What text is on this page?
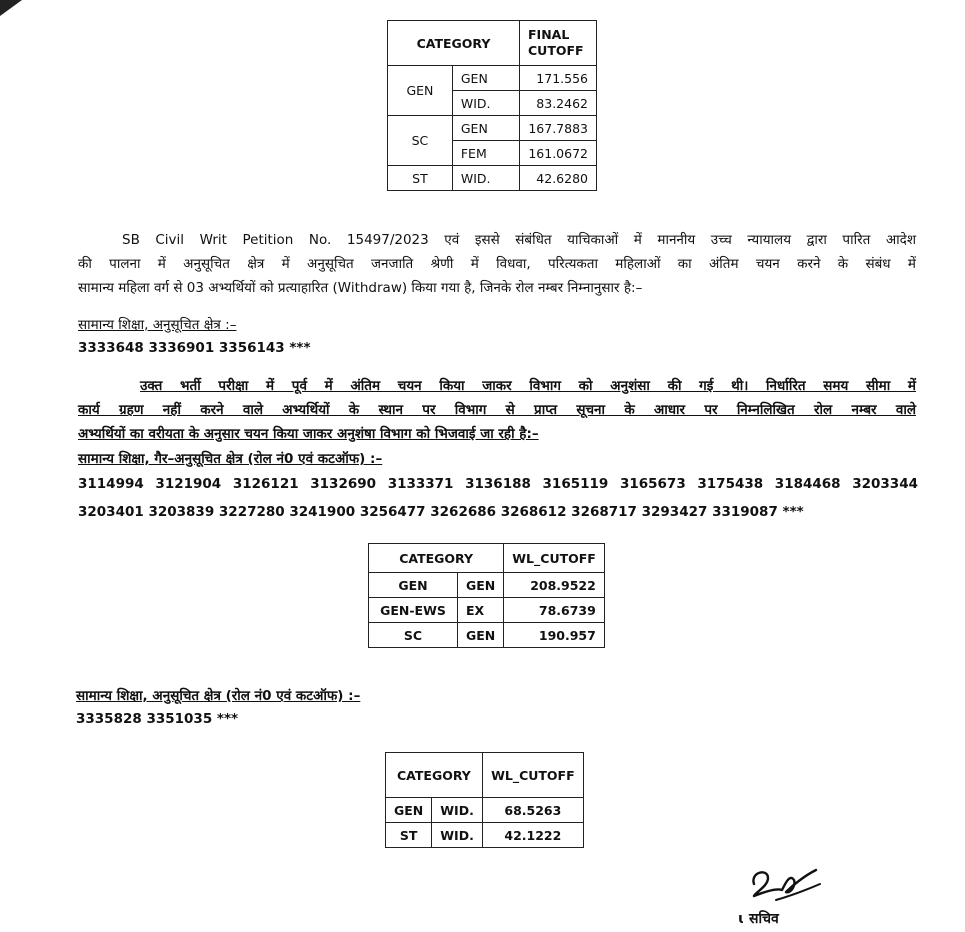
CATEGORY		FINAL
CUTOFF
GEN	GEN	171.556
	WID.	83.2462
SC	GEN	167.7883
	FEM	161.0672
ST	WID.	42.6280
SB Civil Writ Petition No. 15497/2023 एवं इससे संबंधित याचिकाओं में माननीय उच्च न्यायालय द्वारा पारित आदेश
की पालना में अनुसूचित क्षेत्र में अनुसूचित जनजाति श्रेणी में विधवा, परित्यकता महिलाओं का अंतिम चयन करने के संबंध में
सामान्य महिला वर्ग से 03 अभ्यर्थियों को प्रत्याहारित (Withdraw) किया गया है, जिनके रोल नम्बर निम्नानुसार है:–
सामान्य शिक्षा, अनुसूचित क्षेत्र :–
3333648 3336901 3356143 ***
उक्त भर्ती परीक्षा में पूर्व में अंतिम चयन किया जाकर विभाग को अनुशंसा की गई थी। निर्धारित समय सीमा में
कार्य ग्रहण नहीं करने वाले अभ्यर्थियों के स्थान पर विभाग से प्राप्त सूचना के आधार पर निम्नलिखित रोल नम्बर वाले
अभ्यर्थियों का वरीयता के अनुसार चयन किया जाकर अनुशंषा विभाग को भिजवाई जा रही है:–
सामान्य शिक्षा, गैर–अनुसूचित क्षेत्र (रोल नं0 एवं कटऑफ) :–
3114994 3121904 3126121 3132690 3133371 3136188 3165119 3165673 3175438 3184468 3203344
3203401 3203839 3227280 3241900 3256477 3262686 3268612 3268717 3293427 3319087 ***
CATEGORY		WL_CUTOFF
GEN	GEN	208.9522
GEN-EWS	EX	78.6739
SC	GEN	190.957
सामान्य शिक्षा, अनुसूचित क्षेत्र (रोल नं0 एवं कटऑफ) :–
3335828 3351035 ***
CATEGORY		WL_CUTOFF
GEN	WID.	68.5263
ST	WID.	42.1222
ɩ सचिव
